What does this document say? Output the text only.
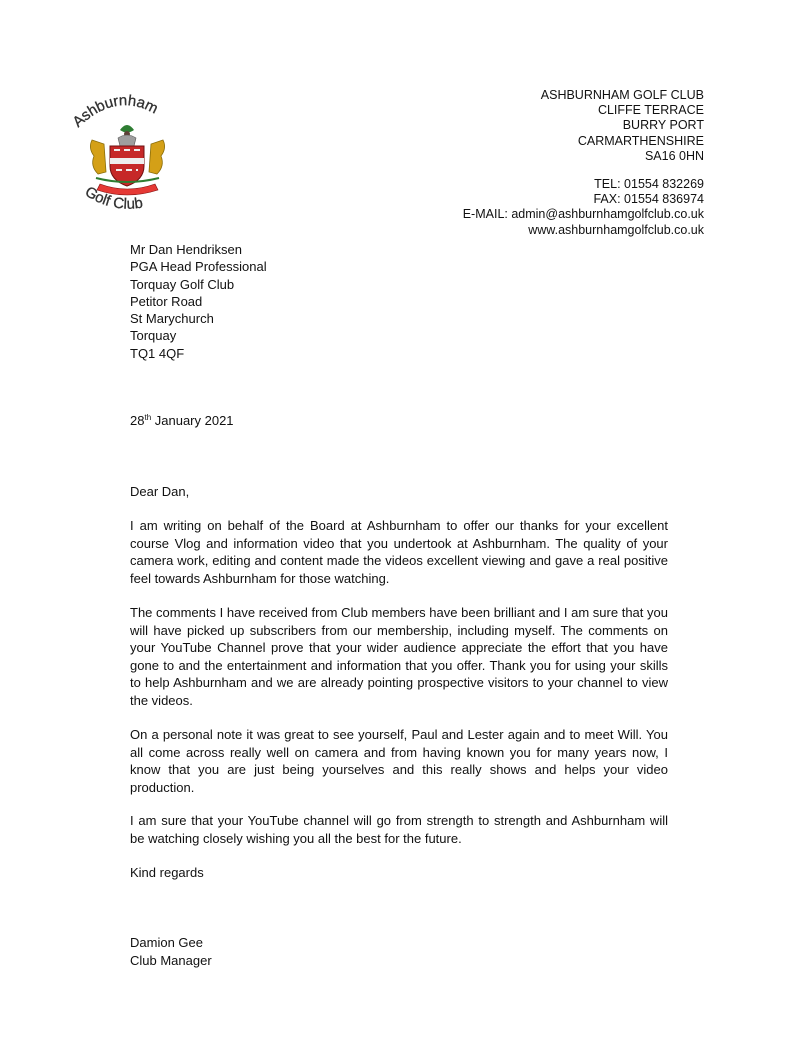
Ashburnham
Golf Club
ASHBURNHAM GOLF CLUB
CLIFFE TERRACE
BURRY PORT
CARMARTHENSHIRE
SA16 0HN
TEL: 01554 832269
FAX: 01554 836974
E-MAIL: admin@ashburnhamgolfclub.co.uk
www.ashburnhamgolfclub.co.uk
Mr Dan Hendriksen
PGA Head Professional
Torquay Golf Club
Petitor Road
St Marychurch
Torquay
TQ1 4QF
28th January 2021
Dear Dan,
I am writing on behalf of the Board at Ashburnham to offer our thanks for your excellent course Vlog and information video that you undertook at Ashburnham. The quality of your camera work, editing and content made the videos excellent viewing and gave a real positive feel towards Ashburnham for those watching.
The comments I have received from Club members have been brilliant and I am sure that you will have picked up subscribers from our membership, including myself. The comments on your YouTube Channel prove that your wider audience appreciate the effort that you have gone to and the entertainment and information that you offer. Thank you for using your skills to help Ashburnham and we are already pointing prospective visitors to your channel to view the videos.
On a personal note it was great to see yourself, Paul and Lester again and to meet Will. You all come across really well on camera and from having known you for many years now, I know that you are just being yourselves and this really shows and helps your video production.
I am sure that your YouTube channel will go from strength to strength and Ashburnham will be watching closely wishing you all the best for the future.
Kind regards
Damion Gee
Club Manager
